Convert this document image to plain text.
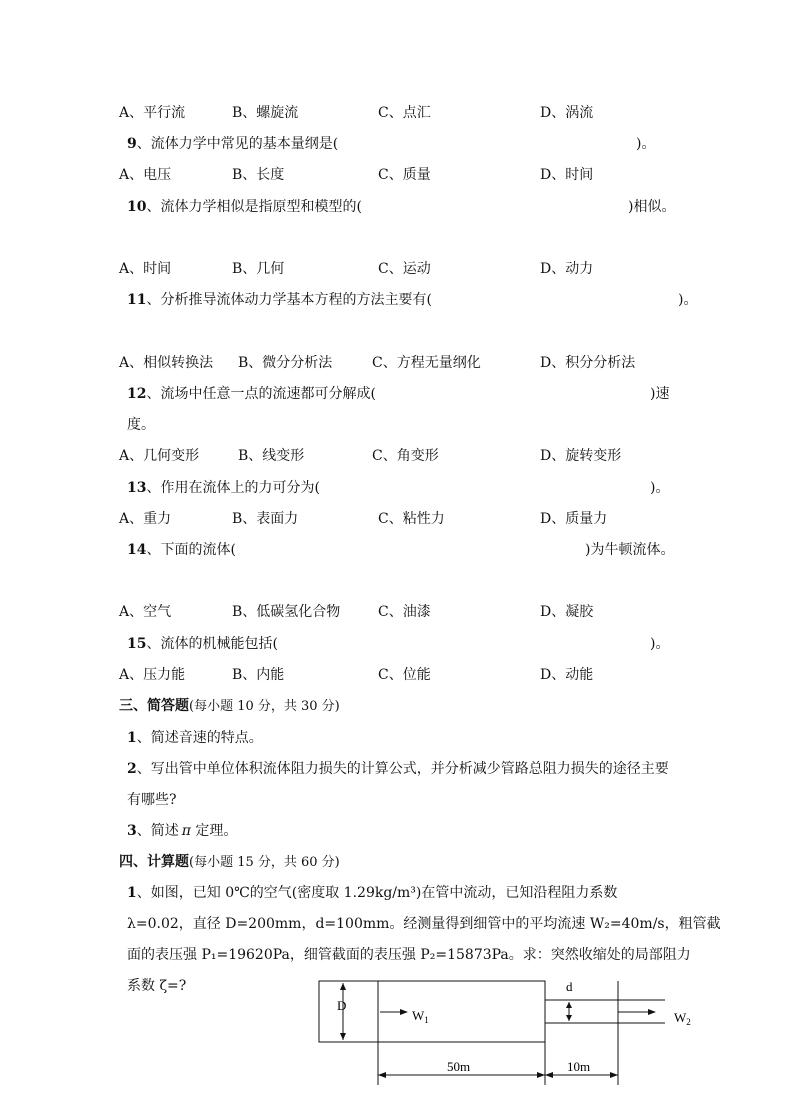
A、平行流	B、螺旋流	C、点汇	D、涡流
9、流体力学中常见的基本量纲是(	)。
A、电压	B、长度	C、质量	D、时间
10、流体力学相似是指原型和模型的(	)相似。
A、时间	B、几何	C、运动	D、动力
11、分析推导流体动力学基本方程的方法主要有(	)。
A、相似转换法 B、微分分析法	C、方程无量纲化	D、积分分析法
12、流场中任意一点的流速都可分解成(	)速
度。
A、几何变形	B、线变形	C、角变形	D、旋转变形
13、作用在流体上的力可分为(	)。
A、重力	B、表面力	C、粘性力	D、质量力
14、下面的流体(	)为牛顿流体。
A、空气	B、低碳氢化合物	C、油漆	D、凝胶
15、流体的机械能包括(	)。
A、压力能	B、内能	C、位能	D、动能
三、简答题(每小题 10 分，共 30 分)
1、简述音速的特点。
2、写出管中单位体积流体阻力损失的计算公式，并分析减少管路总阻力损失的途径主要
有哪些?
3、简述 π 定理。
四、计算题(每小题 15 分，共 60 分)
1、如图，已知 0℃的空气(密度取 1.29kg/m³)在管中流动，已知沿程阻力系数
λ=0.02，直径 D=200mm，d=100mm。经测量得到细管中的平均流速 W₂=40m/s，粗管截
面的表压强 P₁=19620Pa，细管截面的表压强 P₂=15873Pa。求：突然收缩处的局部阻力
系数 ζ=?
D
d
$W_1$	$W_2$
50m	10m
